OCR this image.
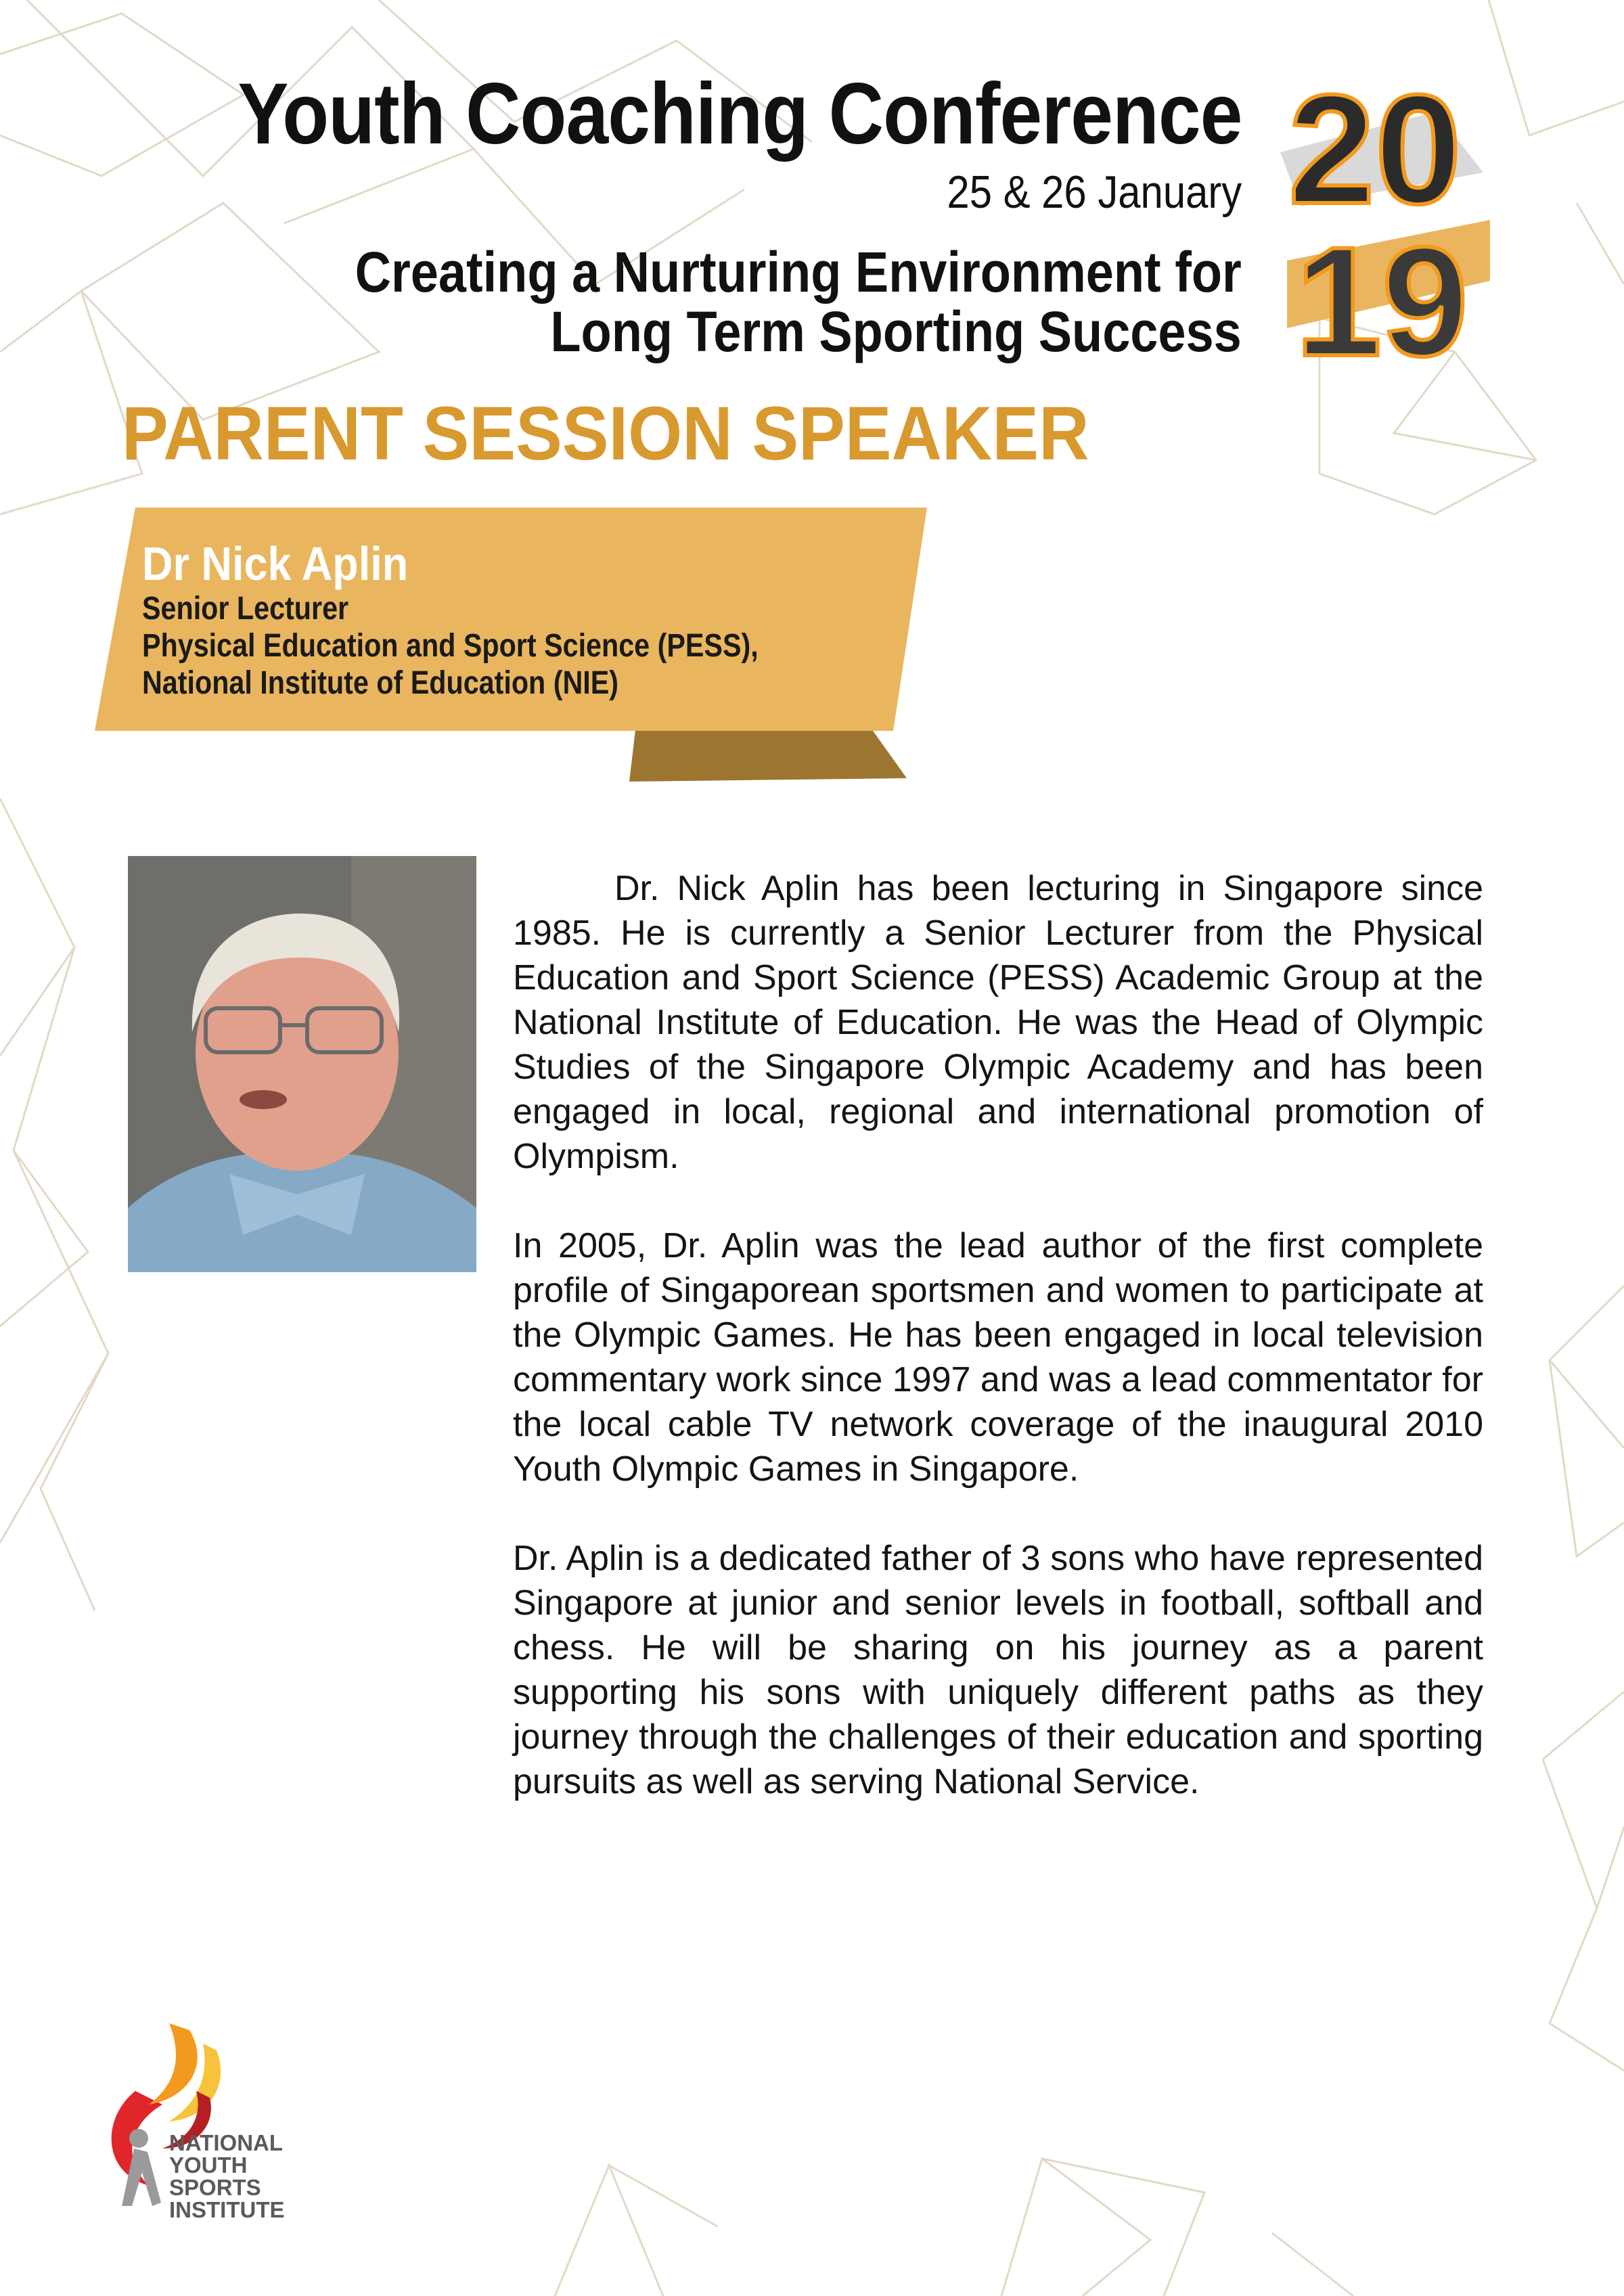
Youth Coaching Conference
25 & 26 January
Creating a Nurturing Environment for
Long Term Sporting Success
20
19
PARENT SESSION SPEAKER
Dr Nick Aplin
Senior Lecturer
Physical Education and Sport Science (PESS),
National Institute of Education (NIE)

Dr. Nick Aplin has been lecturing in Singapore since 1985. He is currently a Senior Lecturer from the Physical Education and Sport Science (PESS) Academic Group at the National Institute of Education. He was the Head of Olympic Studies of the Singapore Olympic Academy and has been engaged in local, regional and international promotion of Olympism.

In 2005, Dr. Aplin was the lead author of the first complete profile of Singaporean sportsmen and women to participate at the Olympic Games. He has been engaged in local television commentary work since 1997 and was a lead commentator for the local cable TV network coverage of the inaugural 2010 Youth Olympic Games in Singapore.

Dr. Aplin is a dedicated father of 3 sons who have represented Singapore at junior and senior levels in football, softball and chess. He will be sharing on his journey as a parent supporting his sons with uniquely different paths as they journey through the challenges of their education and sporting pursuits as well as serving National Service.

NATIONAL
YOUTH
SPORTS
INSTITUTE
